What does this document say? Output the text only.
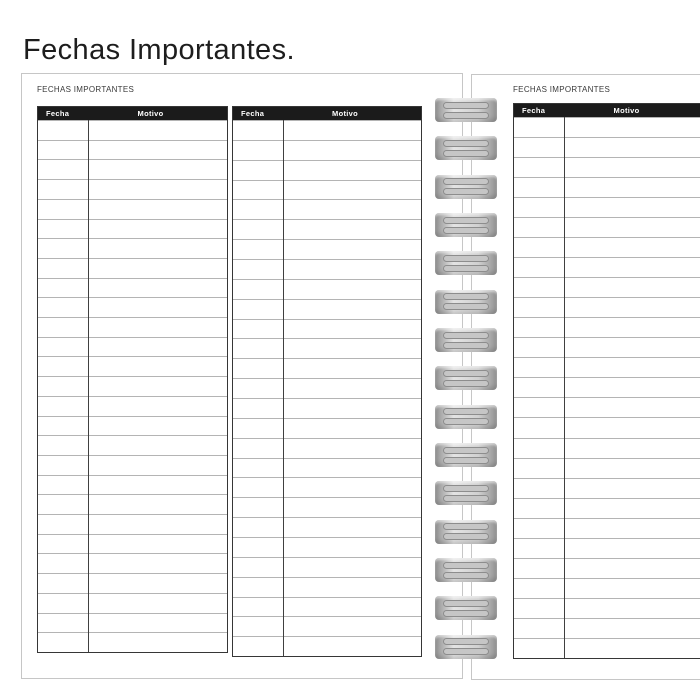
Fechas Importantes.
FECHAS IMPORTANTES
Fecha	Motivo	Fecha	Motivo
FECHAS IMPORTANTES
Fecha	Motivo
